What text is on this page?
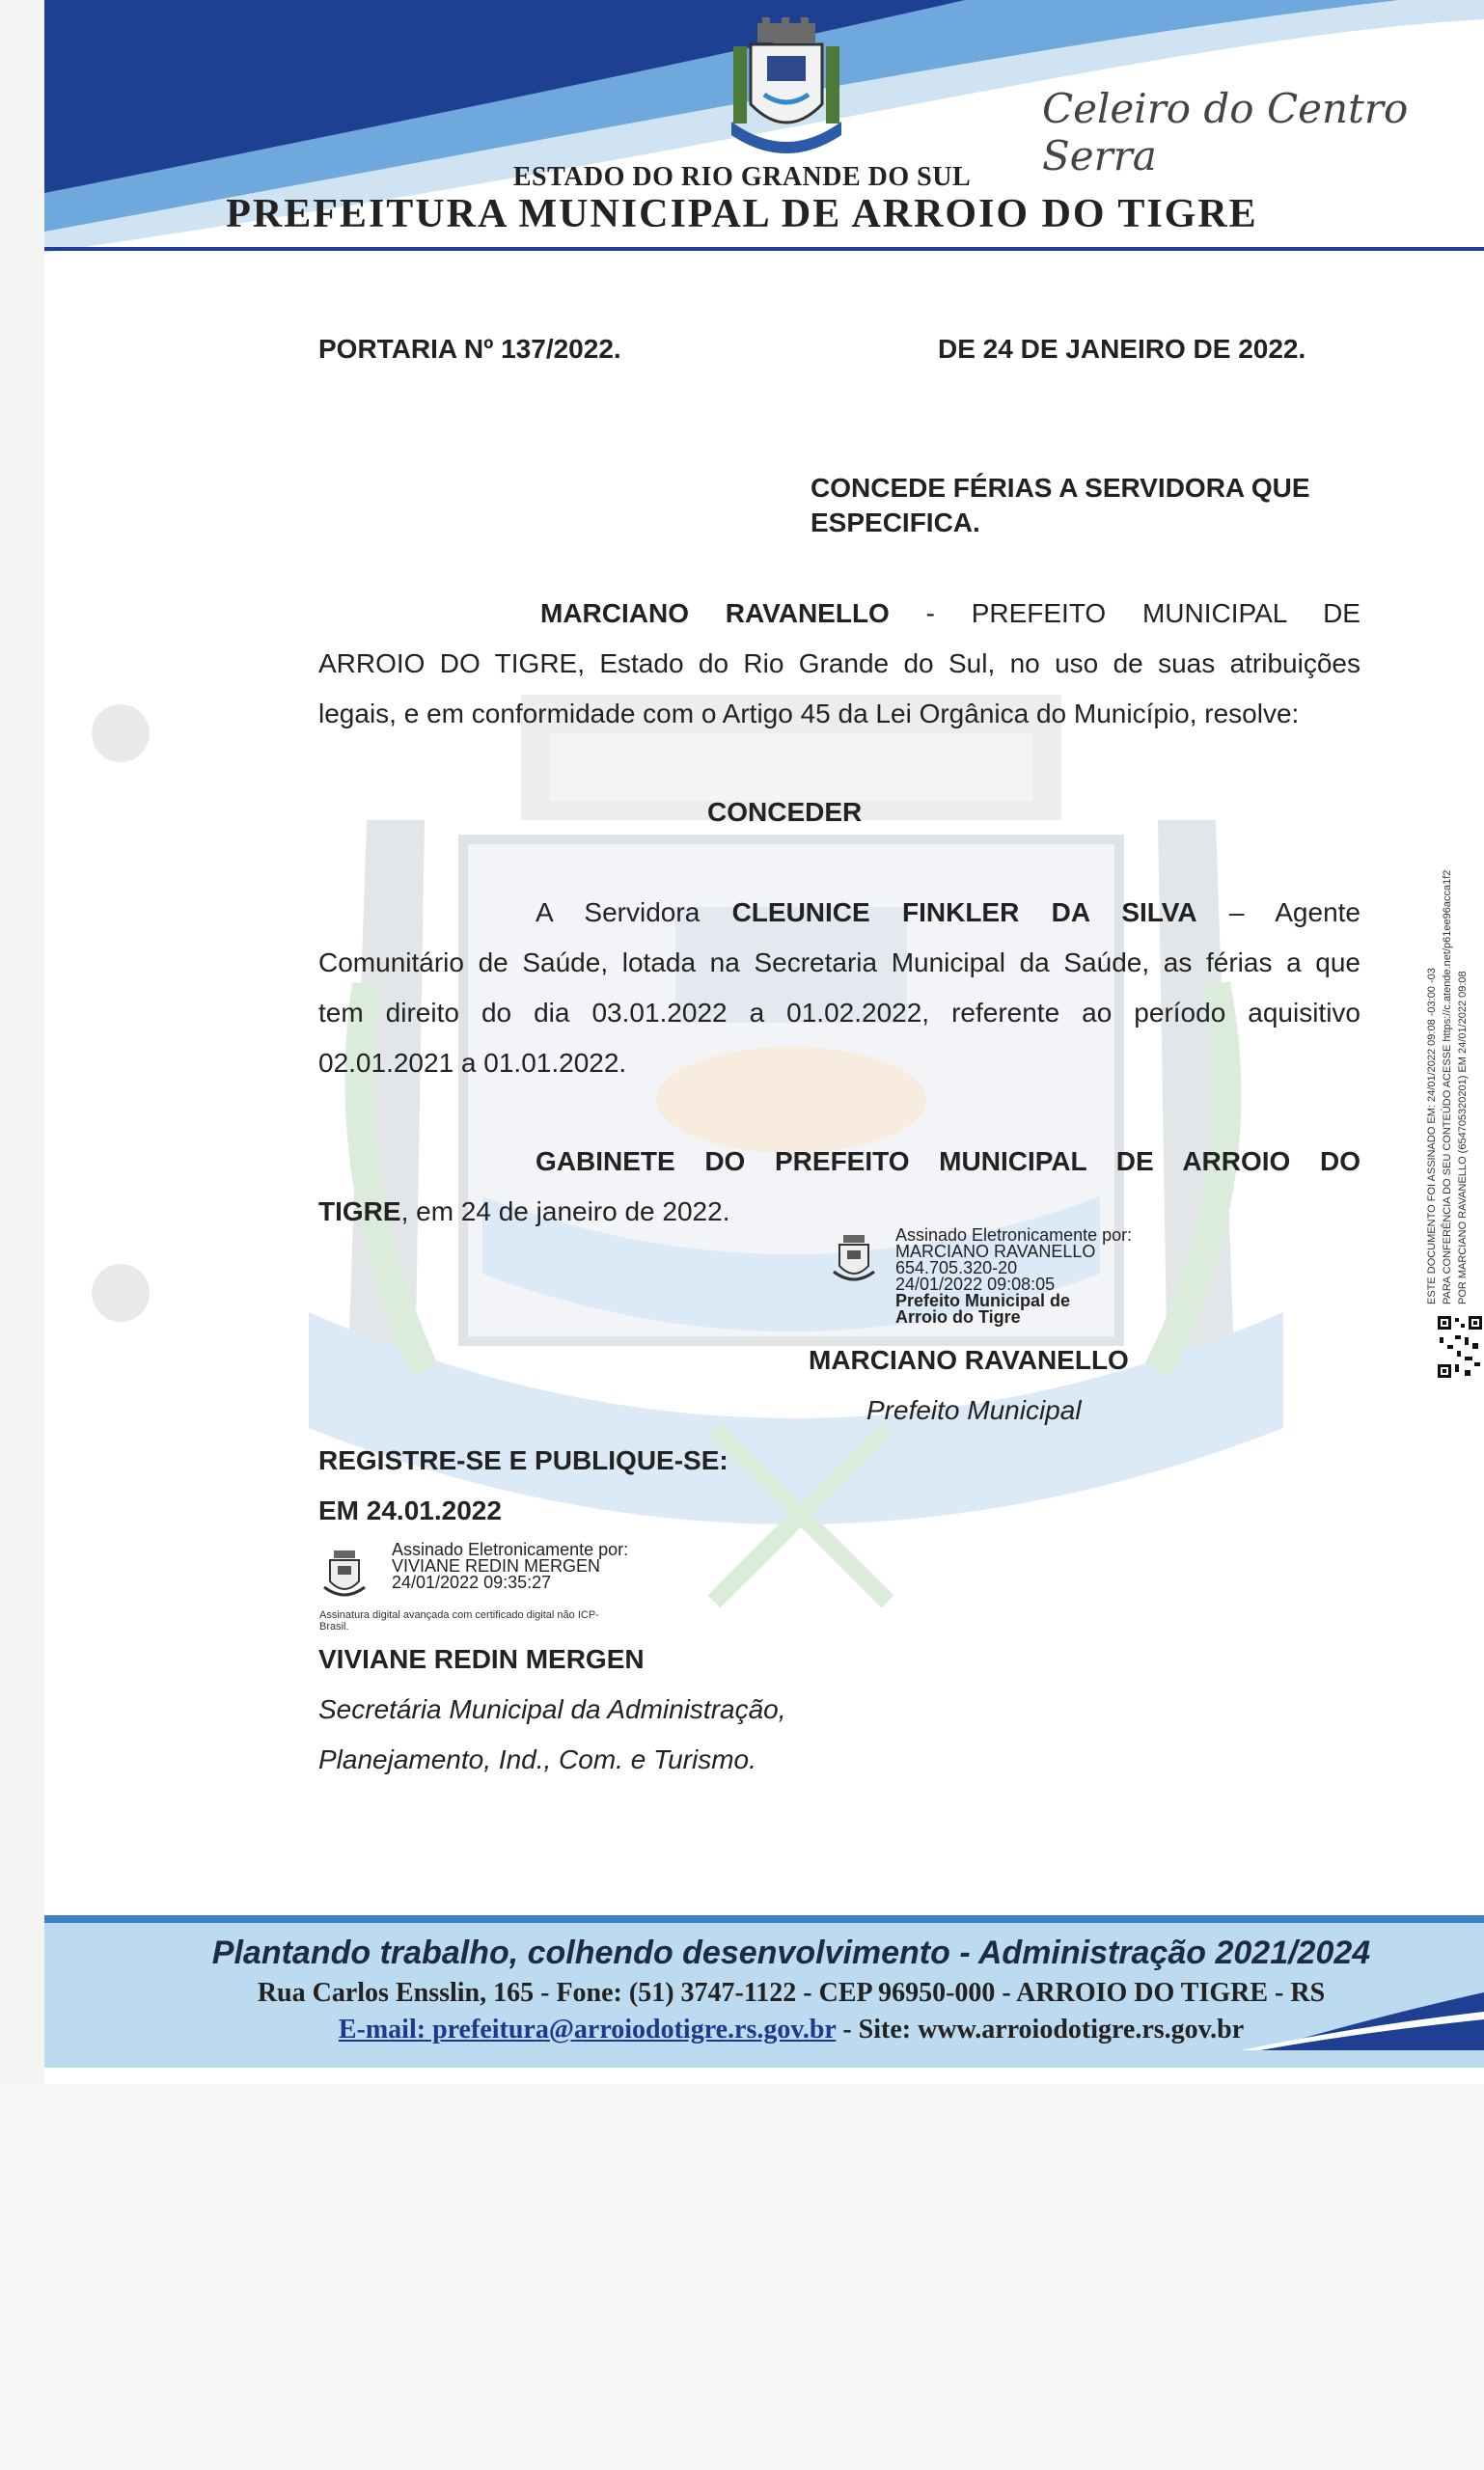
Celeiro do Centro Serra
ESTADO DO RIO GRANDE DO SUL
PREFEITURA MUNICIPAL DE ARROIO DO TIGRE
PORTARIA Nº 137/2022.	DE 24 DE JANEIRO DE 2022.
CONCEDE FÉRIAS A SERVIDORA QUE
ESPECIFICA.
MARCIANO RAVANELLO - PREFEITO MUNICIPAL DE
ARROIO DO TIGRE, Estado do Rio Grande do Sul, no uso de suas atribuições
legais, e em conformidade com o Artigo 45 da Lei Orgânica do Município, resolve:
CONCEDER
A Servidora CLEUNICE FINKLER DA SILVA – Agente
Comunitário de Saúde, lotada na Secretaria Municipal da Saúde, as férias a que
tem direito do dia 03.01.2022 a 01.02.2022, referente ao período aquisitivo
02.01.2021 a 01.01.2022.
GABINETE DO PREFEITO MUNICIPAL DE ARROIO DO
TIGRE, em 24 de janeiro de 2022.
Assinado Eletronicamente por:
MARCIANO RAVANELLO
654.705.320-20
24/01/2022 09:08:05
Prefeito Municipal de
Arroio do Tigre
MARCIANO RAVANELLO
Prefeito Municipal
REGISTRE-SE E PUBLIQUE-SE:
EM 24.01.2022
Assinado Eletronicamente por:
VIVIANE REDIN MERGEN
24/01/2022 09:35:27
Assinatura digital avançada com certificado digital não ICP-
Brasil.
VIVIANE REDIN MERGEN
Secretária Municipal da Administração,
Planejamento, Ind., Com. e Turismo.
ESTE DOCUMENTO FOI ASSINADO EM: 24/01/2022 09:08 -03:00 -03 PARA CONFERÊNCIA DO SEU CONTEÚDO ACESSE https://c.atende.net/p61ee96acca1f2 POR MARCIANO RAVANELLO (654705320201) EM 24/01/2022 09:08
Plantando trabalho, colhendo desenvolvimento - Administração 2021/2024
Rua Carlos Ensslin, 165 - Fone: (51) 3747-1122 - CEP 96950-000 - ARROIO DO TIGRE - RS
E-mail: prefeitura@arroiodotigre.rs.gov.br - Site: www.arroiodotigre.rs.gov.br
